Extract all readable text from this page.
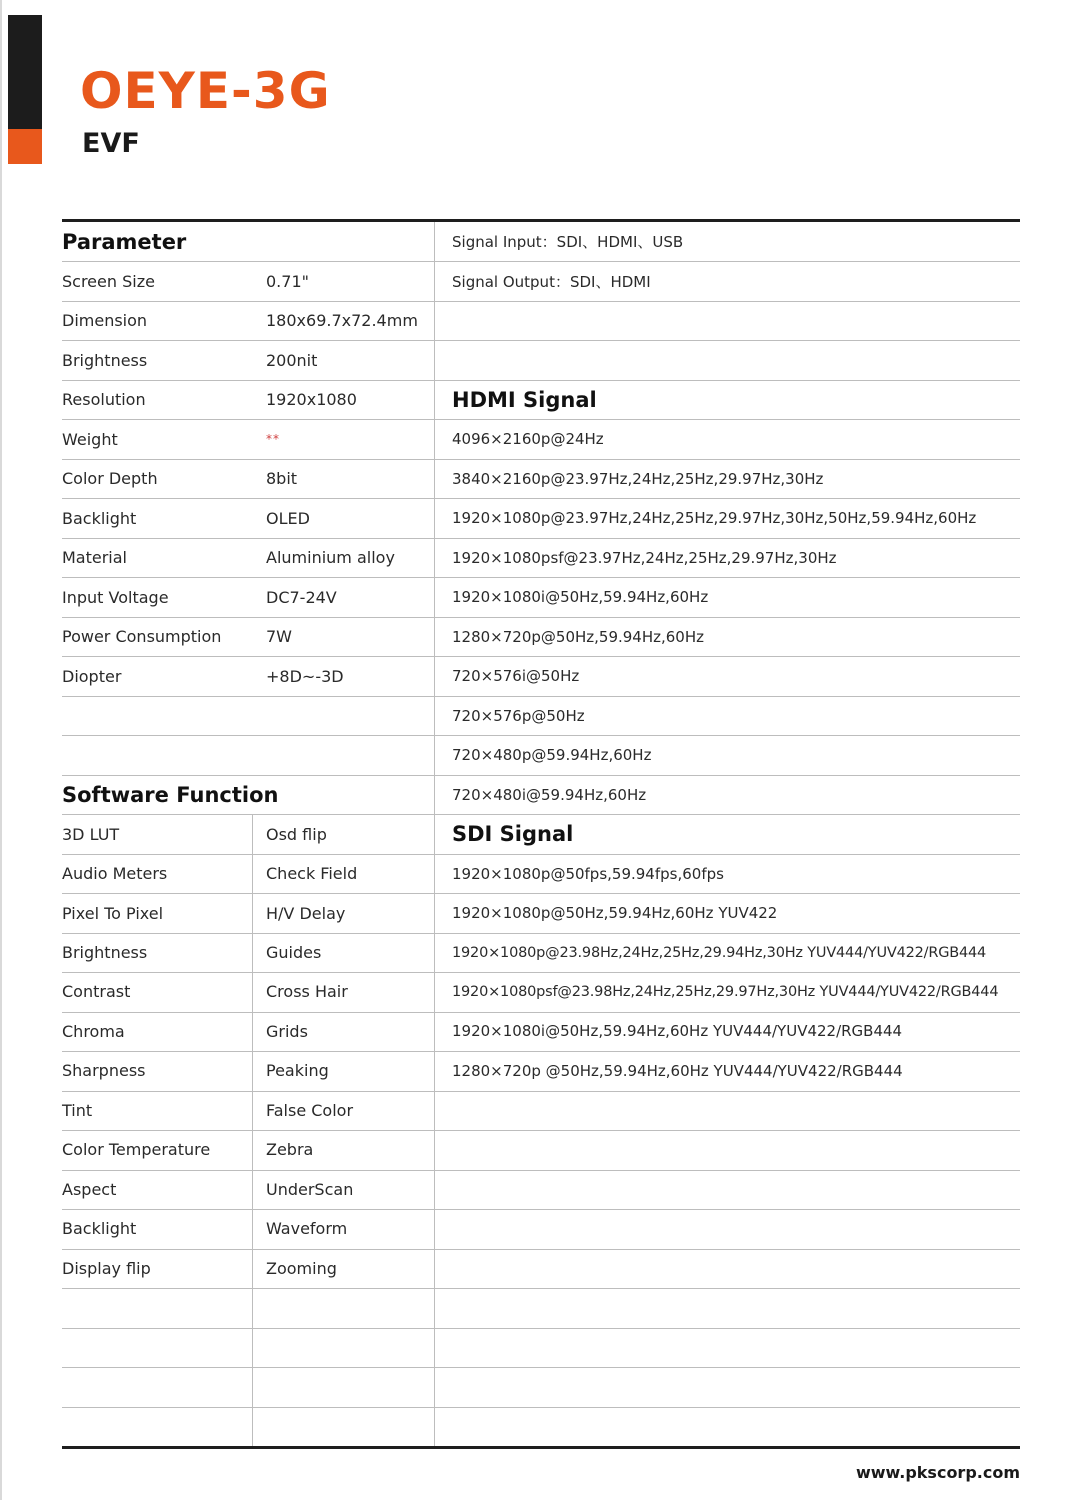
OEYE-3G
EVF
Parameter
Screen Size	0.71"
Dimension	180x69.7x72.4mm
Brightness	200nit
Resolution	1920x1080
Weight	**
Color Depth	8bit
Backlight	OLED
Material	Aluminium alloy
Input Voltage	DC7-24V
Power Consumption	7W
Diopter	+8D~-3D
Software Function
3D LUT	Osd flip
Audio Meters	Check Field
Pixel To Pixel	H/V Delay
Brightness	Guides
Contrast	Cross Hair
Chroma	Grids
Sharpness	Peaking
Tint	False Color
Color Temperature	Zebra
Aspect	UnderScan
Backlight	Waveform
Display flip	Zooming
Signal Input：SDI、HDMI、USB
Signal Output：SDI、HDMI
HDMI Signal
4096×2160p@24Hz
3840×2160p@23.97Hz,24Hz,25Hz,29.97Hz,30Hz
1920×1080p@23.97Hz,24Hz,25Hz,29.97Hz,30Hz,50Hz,59.94Hz,60Hz
1920×1080psf@23.97Hz,24Hz,25Hz,29.97Hz,30Hz
1920×1080i@50Hz,59.94Hz,60Hz
1280×720p@50Hz,59.94Hz,60Hz
720×576i@50Hz
720×576p@50Hz
720×480p@59.94Hz,60Hz
720×480i@59.94Hz,60Hz
SDI Signal
1920×1080p@50fps,59.94fps,60fps
1920×1080p@50Hz,59.94Hz,60Hz YUV422
1920×1080p@23.98Hz,24Hz,25Hz,29.94Hz,30Hz YUV444/YUV422/RGB444
1920×1080psf@23.98Hz,24Hz,25Hz,29.97Hz,30Hz YUV444/YUV422/RGB444
1920×1080i@50Hz,59.94Hz,60Hz YUV444/YUV422/RGB444
1280×720p @50Hz,59.94Hz,60Hz YUV444/YUV422/RGB444
www.pkscorp.com
